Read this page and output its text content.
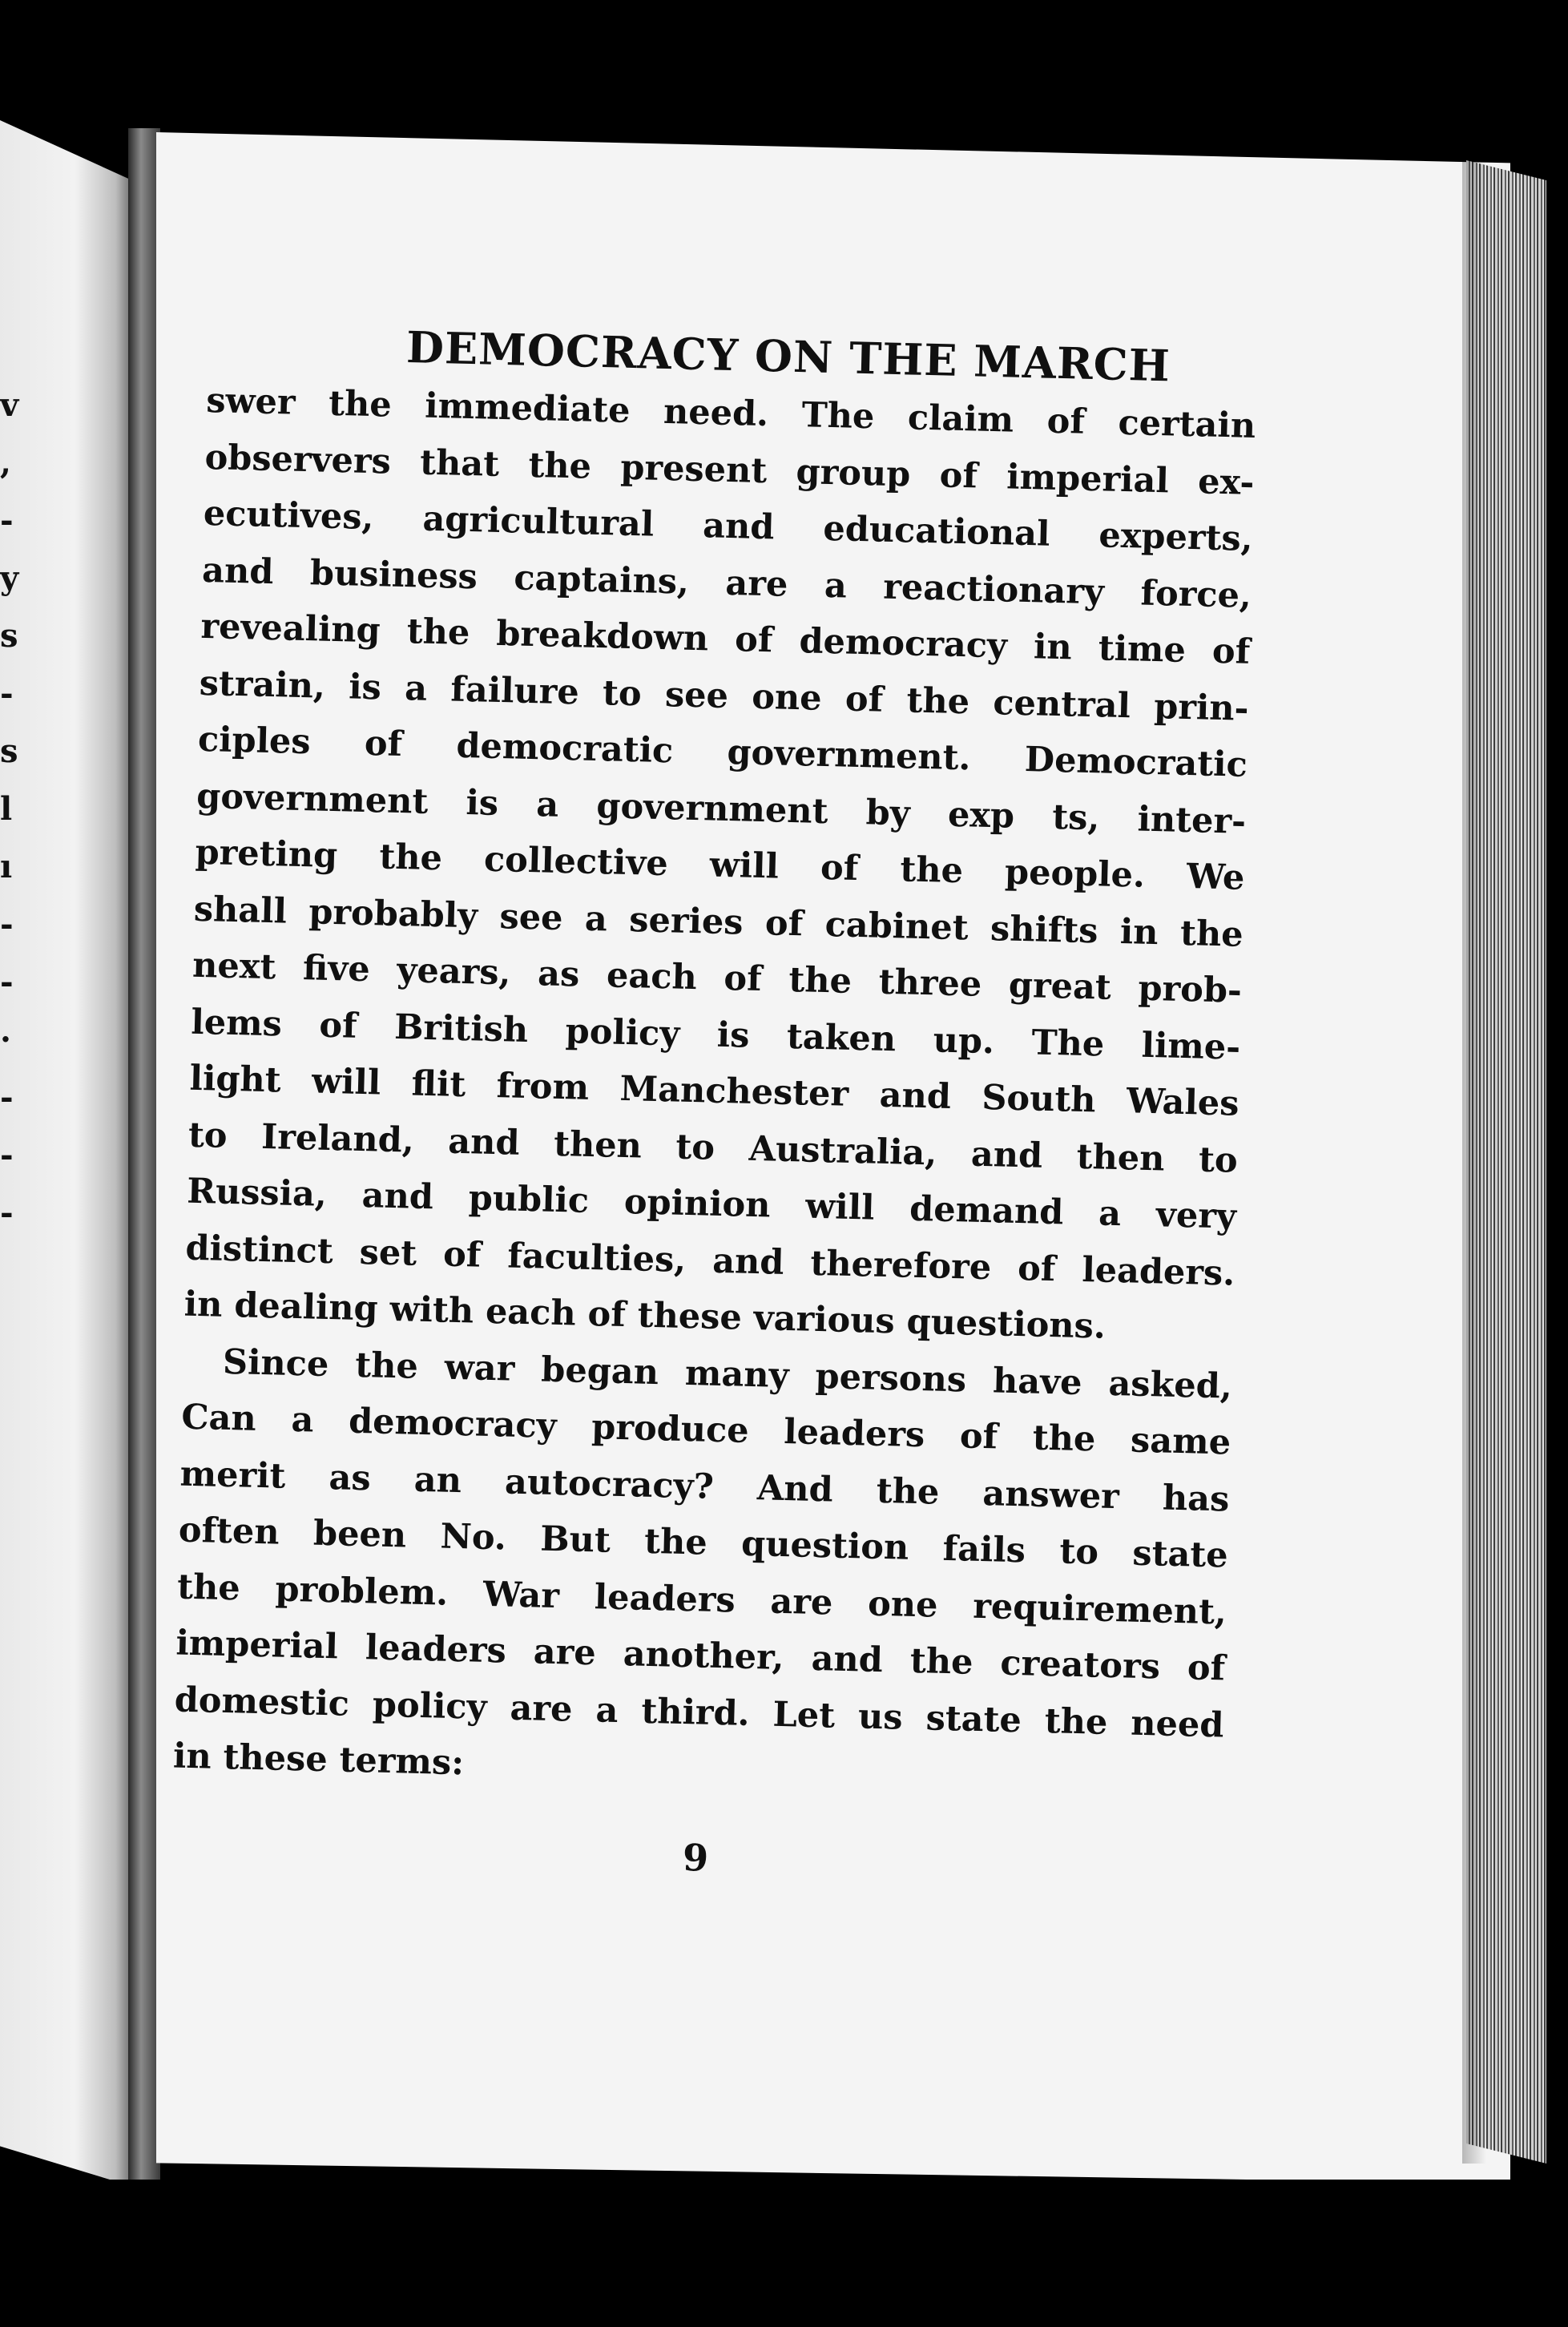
v
,
-
y
s
-
s
l
ı
-
-
·
-
-
-
DEMOCRACY ON THE MARCH

swer the immediate need. The claim of certain
observers that the present group of imperial ex-
ecutives, agricultural and educational experts,
and business captains, are a reactionary force,
revealing the breakdown of democracy in time of
strain, is a failure to see one of the central prin-
ciples of democratic government. Democratic
government is a government by exp ts, inter-
preting the collective will of the people. We
shall probably see a series of cabinet shifts in the
next five years, as each of the three great prob-
lems of British policy is taken up. The lime-
light will flit from Manchester and South Wales
to Ireland, and then to Australia, and then to
Russia, and public opinion will demand a very
distinct set of faculties, and therefore of leaders.
in dealing with each of these various questions.

Since the war began many persons have asked,
Can a democracy produce leaders of the same
merit as an autocracy? And the answer has
often been No. But the question fails to state
the problem. War leaders are one requirement,
imperial leaders are another, and the creators of
domestic policy are a third. Let us state the need
in these terms:

9
